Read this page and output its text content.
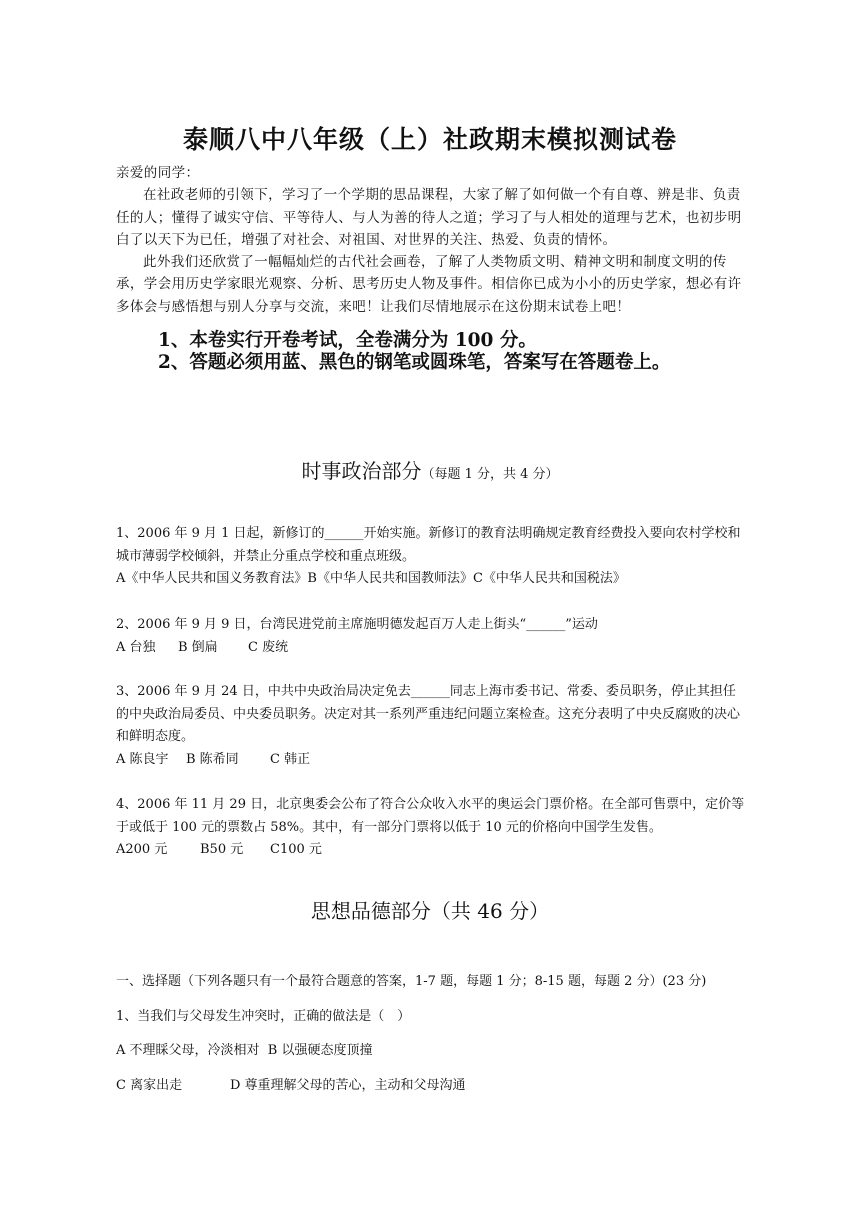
泰顺八中八年级（上）社政期末模拟测试卷

亲爱的同学：

在社政老师的引领下，学习了一个学期的思品课程，大家了解了如何做一个有自尊、辨是非、负责任的人；懂得了诚实守信、平等待人、与人为善的待人之道；学习了与人相处的道理与艺术，也初步明白了以天下为已任，增强了对社会、对祖国、对世界的关注、热爱、负责的情怀。

此外我们还欣赏了一幅幅灿烂的古代社会画卷，了解了人类物质文明、精神文明和制度文明的传承，学会用历史学家眼光观察、分析、思考历史人物及事件。相信你已成为小小的历史学家，想必有许多体会与感悟想与别人分享与交流，来吧！让我们尽情地展示在这份期末试卷上吧！

1、本卷实行开卷考试，全卷满分为 100 分。
2、答题必须用蓝、黑色的钢笔或圆珠笔，答案写在答题卷上。
时事政治部分（每题 1 分，共 4 分）

1、2006 年 9 月 1 日起，新修订的______开始实施。新修订的教育法明确规定教育经费投入要向农村学校和城市薄弱学校倾斜，并禁止分重点学校和重点班级。

A《中华人民共和国义务教育法》B《中华人民共和国教师法》C《中华人民共和国税法》

2、2006 年 9 月 9 日，台湾民进党前主席施明德发起百万人走上街头“______”运动

A 台独 B 倒扁 C 废统

3、2006 年 9 月 24 日，中共中央政治局决定免去______同志上海市委书记、常委、委员职务，停止其担任的中央政治局委员、中央委员职务。决定对其一系列严重违纪问题立案检查。这充分表明了中央反腐败的决心和鲜明态度。

A 陈良宇 B 陈希同 C 韩正

4、2006 年 11 月 29 日，北京奥委会公布了符合公众收入水平的奥运会门票价格。在全部可售票中，定价等于或低于 100 元的票数占 58%。其中，有一部分门票将以低于 10 元的价格向中国学生发售。

A200 元	B50 元 C100 元

思想品德部分（共 46 分）
一、选择题（下列各题只有一个最符合题意的答案，1-7 题，每题 1 分；8-15 题，每题 2 分）(23 分)
1、当我们与父母发生冲突时，正确的做法是（　）
A 不理睬父母，冷淡相对 B 以强硬态度顶撞
C 离家出走	D 尊重理解父母的苦心，主动和父母沟通
